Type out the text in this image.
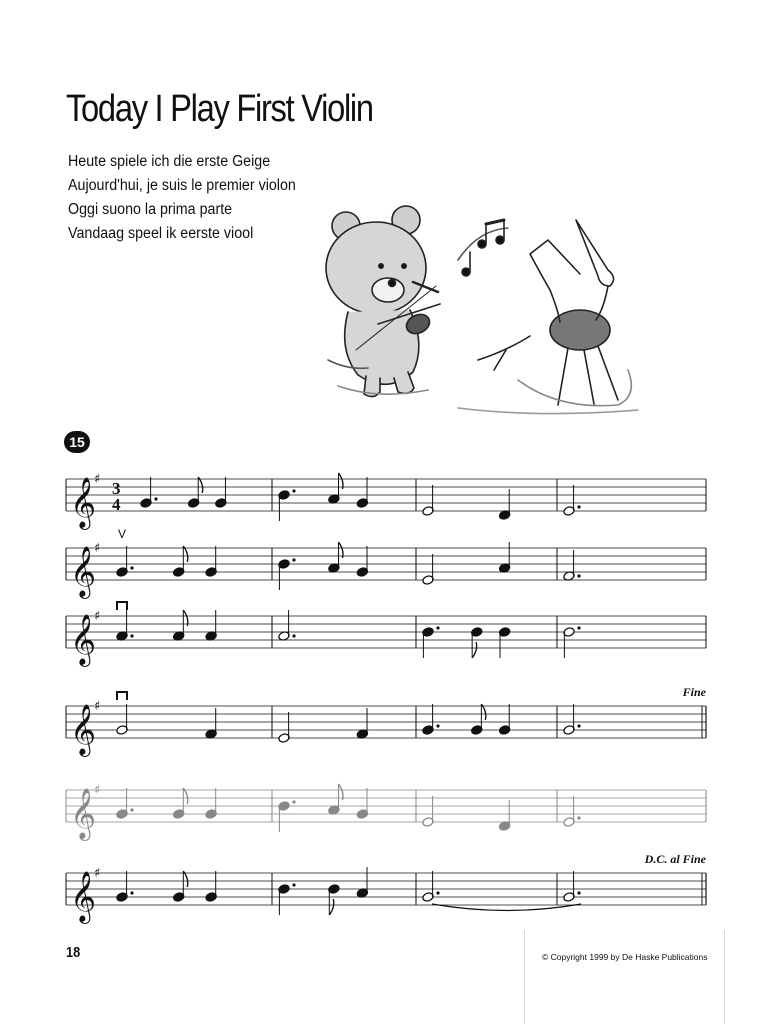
Today I Play First Violin
Heute spiele ich die erste Geige
Aujourd'hui, je suis le premier violon
Oggi suono la prima parte
Vandaag speel ik eerste viool
15
𝄞
♯ 3
4
𝄞
♯
V
𝄞
♯
Fine
𝄞
♯
𝄞
♯
D.C. al Fine
𝄞
♯
18	© Copyright 1999 by De Haske Publications
